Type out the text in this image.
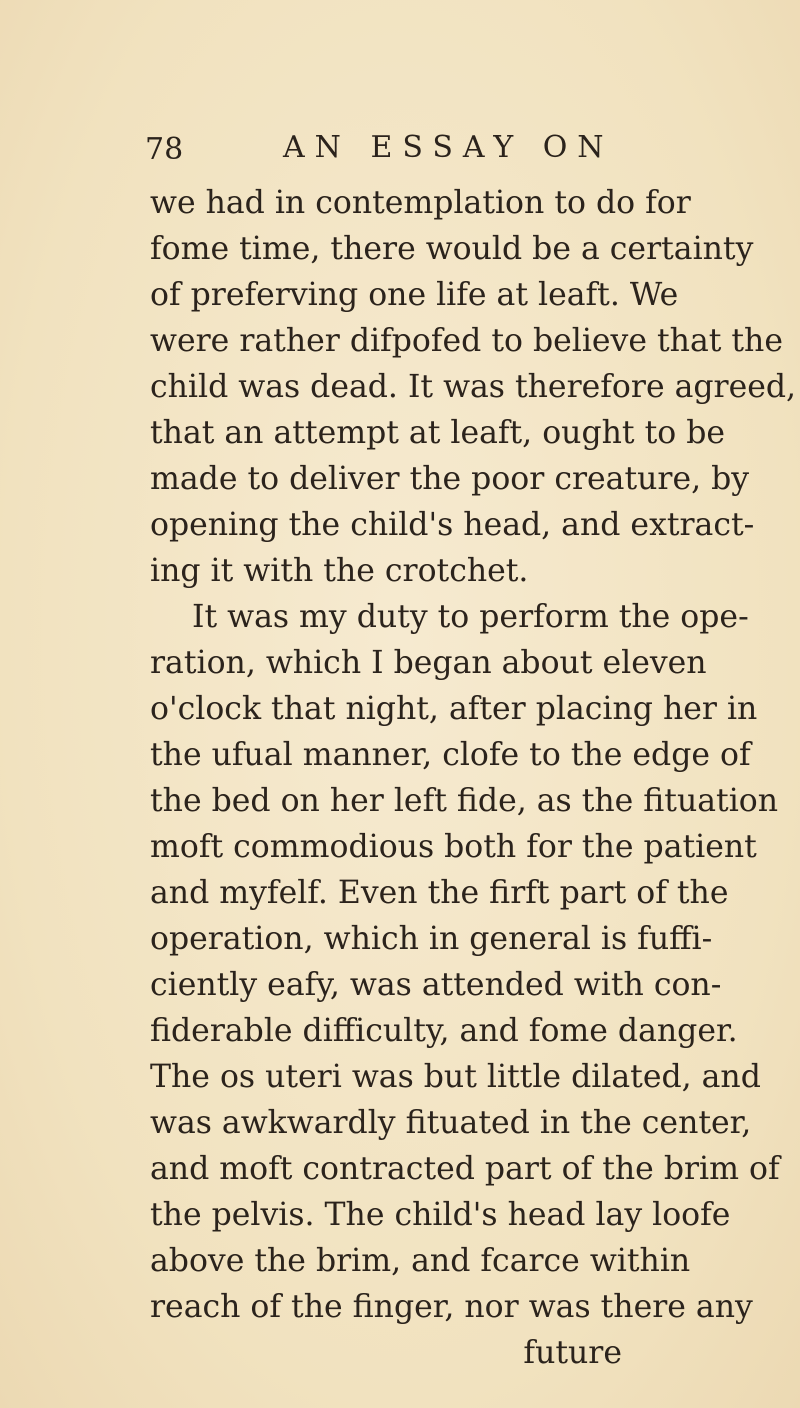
78	AN ESSAY ON
we had in contemplation to do for
fome time, there would be a certainty
of preferving one life at leaft. We
were rather difpofed to believe that the
child was dead. It was therefore agreed,
that an attempt at leaft, ought to be
made to deliver the poor creature, by
opening the child's head, and extract-
ing it with the crotchet.
It was my duty to perform the ope-
ration, which I began about eleven
o'clock that night, after placing her in
the ufual manner, clofe to the edge of
the bed on her left fide, as the fituation
moft commodious both for the patient
and myfelf. Even the firft part of the
operation, which in general is fuffi-
ciently eafy, was attended with con-
fiderable difficulty, and fome danger.
The os uteri was but little dilated, and
was awkwardly fituated in the center,
and moft contracted part of the brim of
the pelvis. The child's head lay loofe
above the brim, and fcarce within
reach of the finger, nor was there any
future
